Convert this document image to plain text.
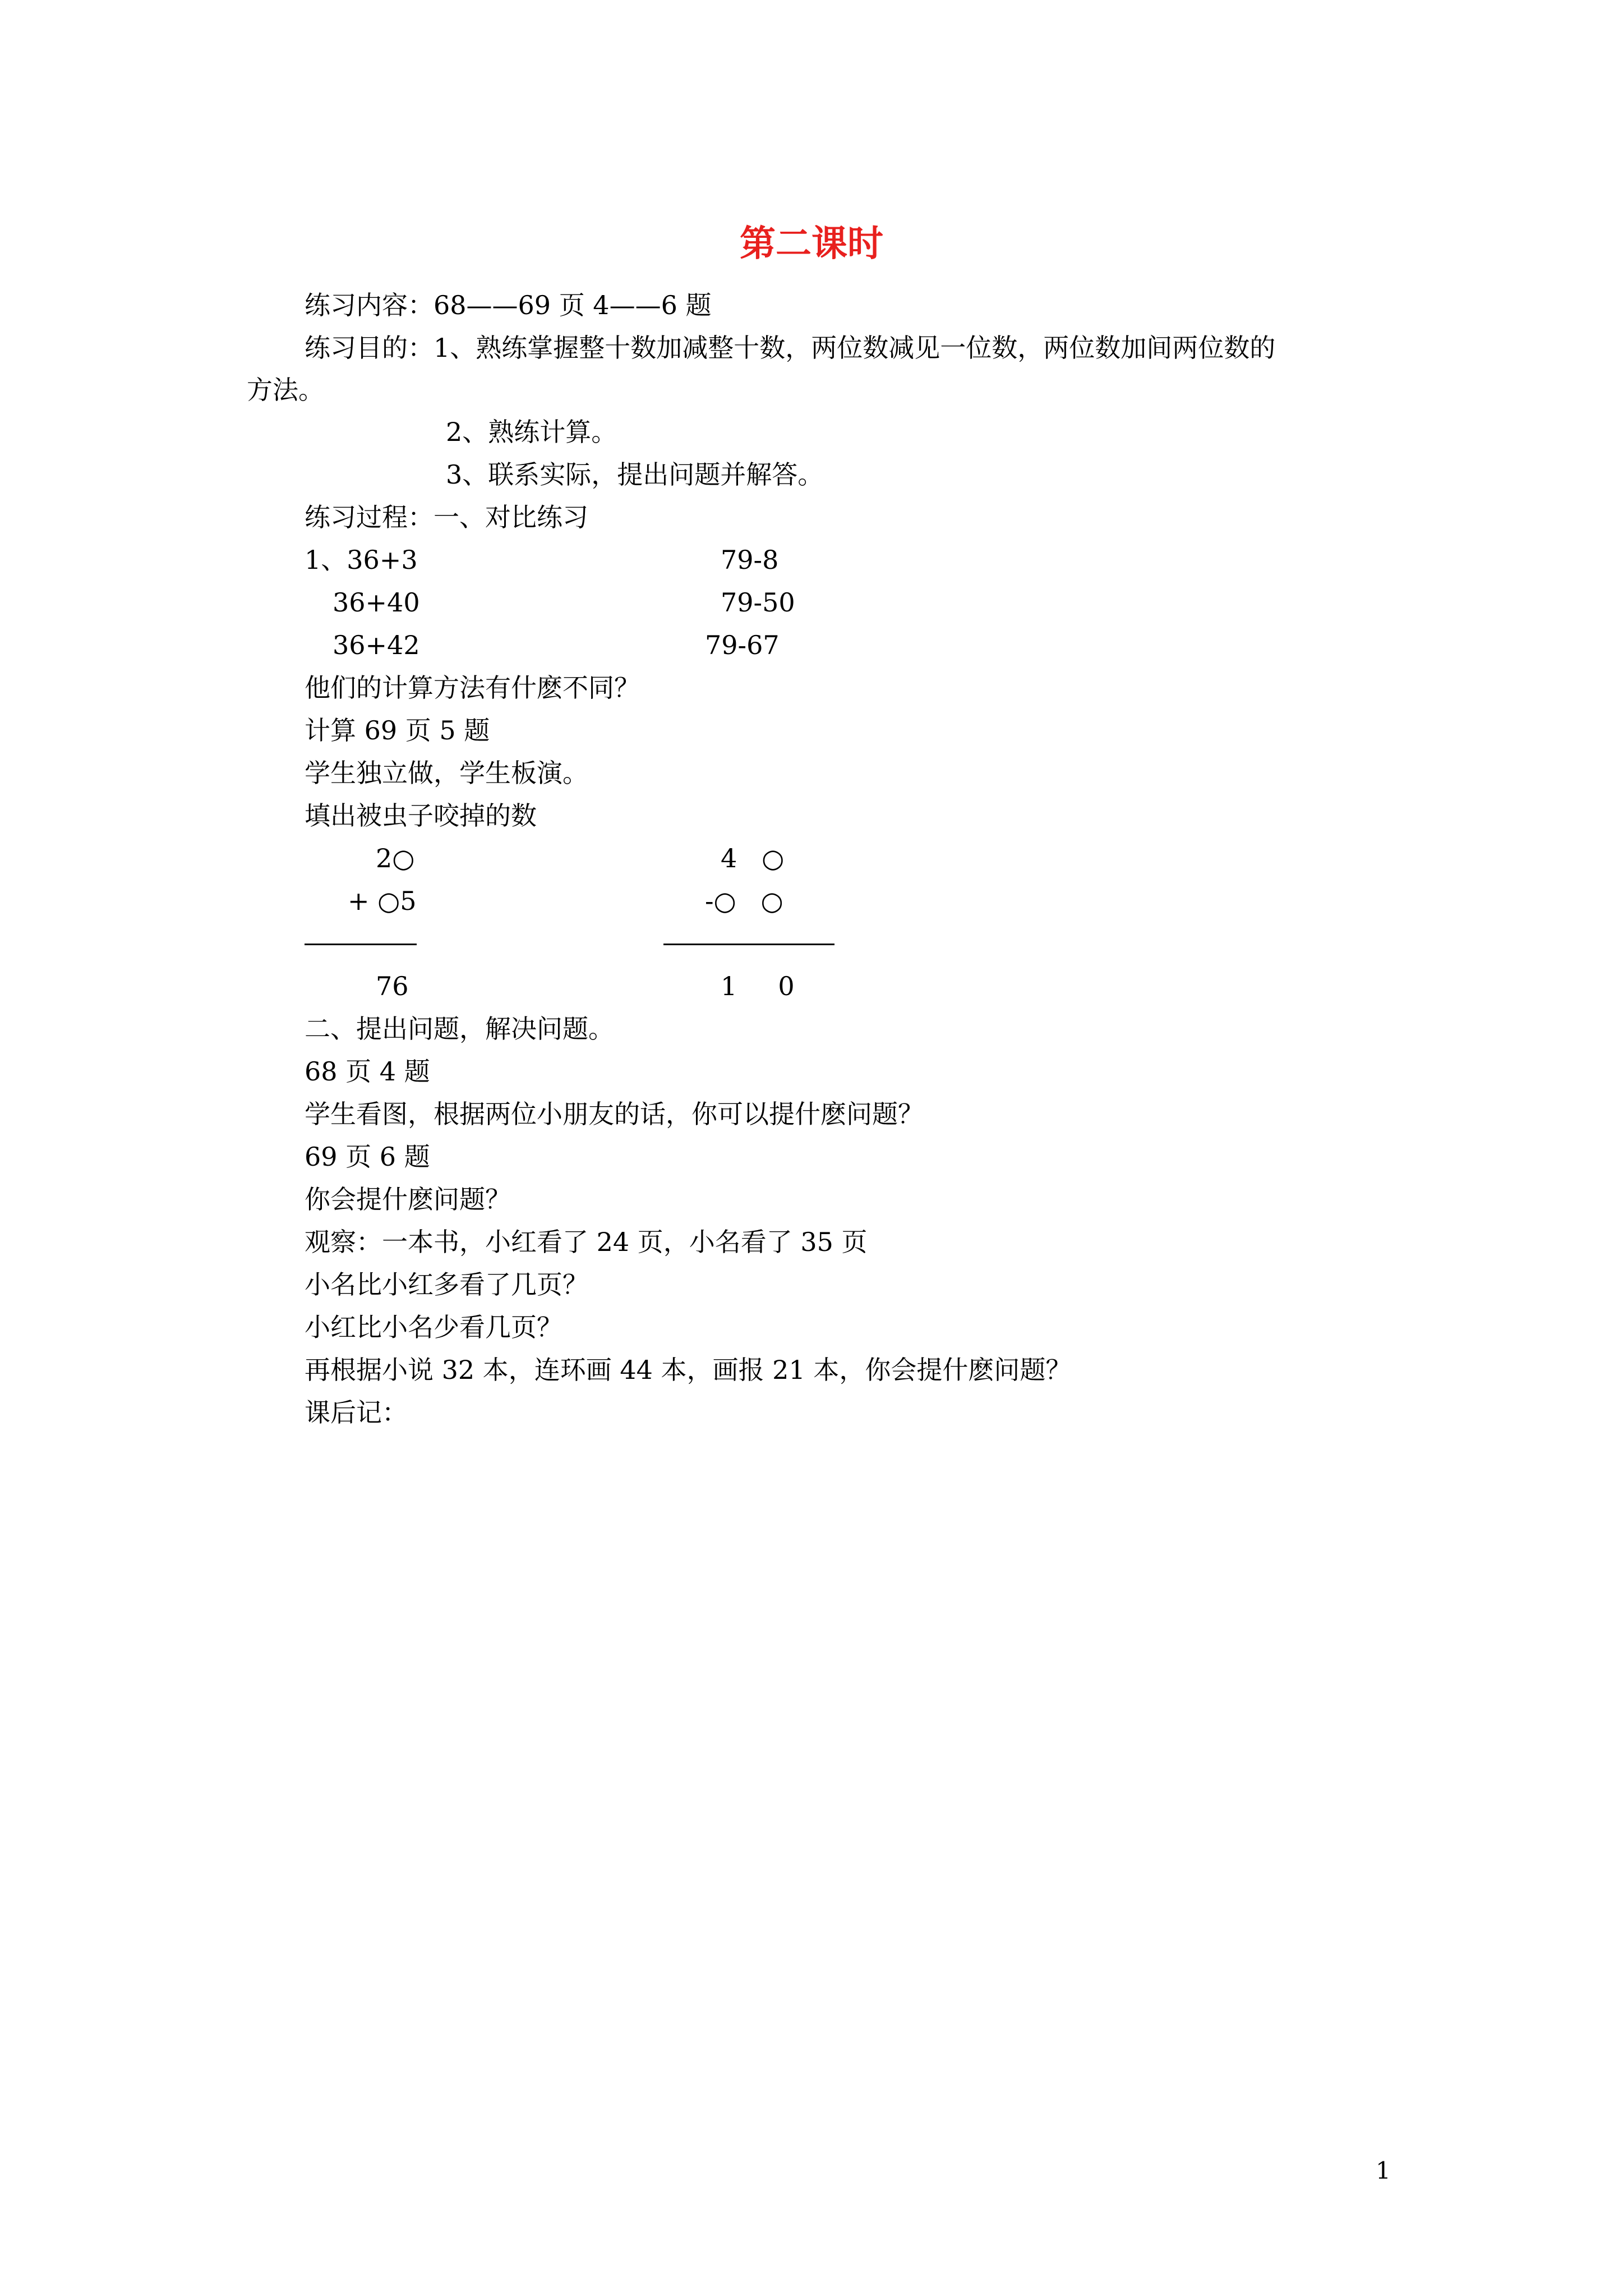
第二课时
练习内容：68——69 页 4——6 题
练习目的：1、熟练掌握整十数加减整十数，两位数减见一位数，两位数加间两位数的
方法。
2、熟练计算。
3、联系实际，提出问题并解答。
练习过程：一、对比练习
1、36+3
36+40
36+42
79-8
79-50
79-67
他们的计算方法有什麽不同？
计算 69 页 5 题
学生独立做，学生板演。
填出被虫子咬掉的数
2○
+ ○5
76
4   ○
-○   ○
1     0
二、提出问题，解决问题。
68 页 4 题
学生看图，根据两位小朋友的话，你可以提什麽问题？
69 页 6 题
你会提什麽问题？
观察：一本书，小红看了 24 页，小名看了 35 页
小名比小红多看了几页？
小红比小名少看几页？
再根据小说 32 本，连环画 44 本，画报 21 本，你会提什麽问题？
课后记：
1
